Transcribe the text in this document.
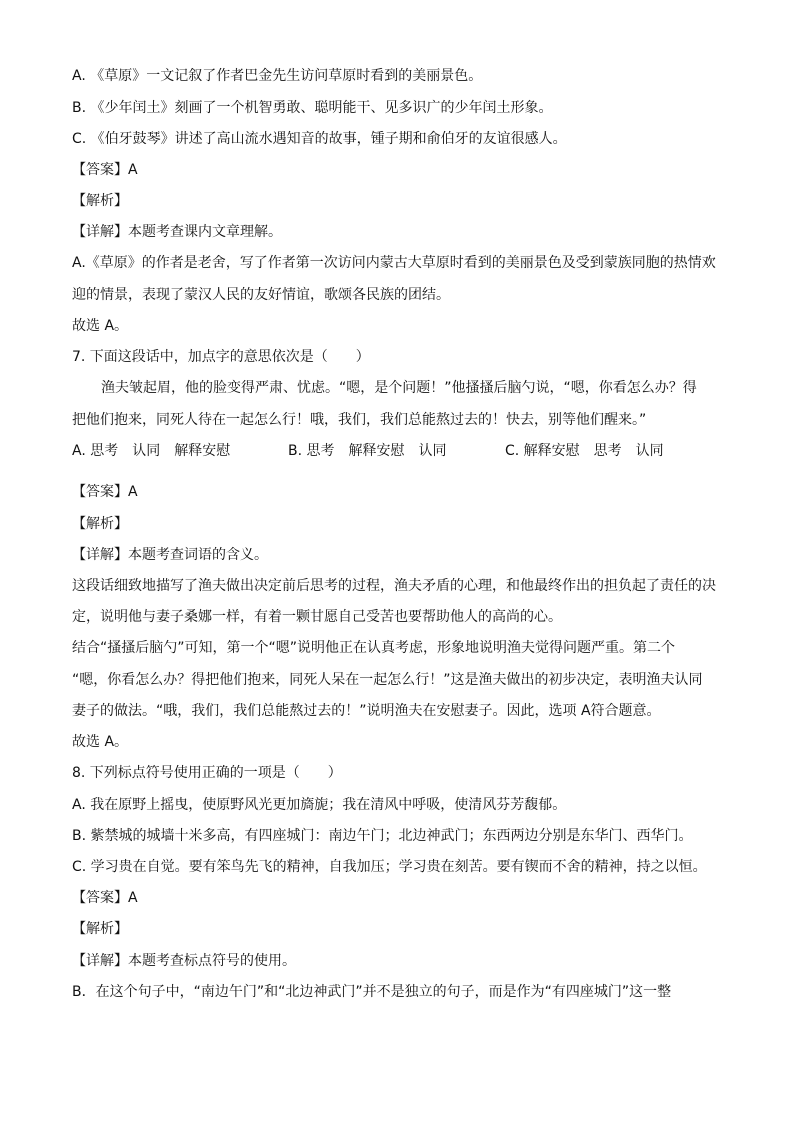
A. 《草原》一文记叙了作者巴金先生访问草原时看到的美丽景色。
B. 《少年闰土》刻画了一个机智勇敢、聪明能干、见多识广的少年闰土形象。
C. 《伯牙鼓琴》讲述了高山流水遇知音的故事，锺子期和俞伯牙的友谊很感人。
【答案】A
【解析】
【详解】本题考查课内文章理解。
A.《草原》的作者是老舍，写了作者第一次访问内蒙古大草原时看到的美丽景色及受到蒙族同胞的热情欢
迎的情景，表现了蒙汉人民的友好情谊，歌颂各民族的团结。
故选 A。
7. 下面这段话中，加点字的意思依次是（　　）
渔夫皱起眉，他的脸变得严肃、忧虑。“嗯，是个问题！”他搔搔后脑勺说，“嗯，你看怎么办？得
把他们抱来，同死人待在一起怎么行！哦，我们，我们总能熬过去的！快去，别等他们醒来。”
A. 思考　认同　解释安慰	B. 思考　解释安慰　认同	C. 解释安慰　思考　认同
【答案】A
【解析】
【详解】本题考查词语的含义。
这段话细致地描写了渔夫做出决定前后思考的过程，渔夫矛盾的心理，和他最终作出的担负起了责任的决
定，说明他与妻子桑娜一样，有着一颗甘愿自己受苦也要帮助他人的高尚的心。
结合“搔搔后脑勺”可知，第一个“嗯”说明他正在认真考虑，形象地说明渔夫觉得问题严重。第二个
“嗯，你看怎么办？得把他们抱来，同死人呆在一起怎么行！”这是渔夫做出的初步决定，表明渔夫认同
妻子的做法。“哦，我们，我们总能熬过去的！”说明渔夫在安慰妻子。因此，选项 A符合题意。
故选 A。
8. 下列标点符号使用正确的一项是（　　）
A. 我在原野上摇曳，使原野风光更加旖旎；我在清风中呼吸，使清风芬芳馥郁。
B. 紫禁城的城墙十米多高，有四座城门：南边午门；北边神武门；东西两边分别是东华门、西华门。
C. 学习贵在自觉。要有笨鸟先飞的精神，自我加压；学习贵在刻苦。要有锲而不舍的精神，持之以恒。
【答案】A
【解析】
【详解】本题考查标点符号的使用。
B．在这个句子中，“南边午门”和“北边神武门”并不是独立的句子，而是作为“有四座城门”这一整
